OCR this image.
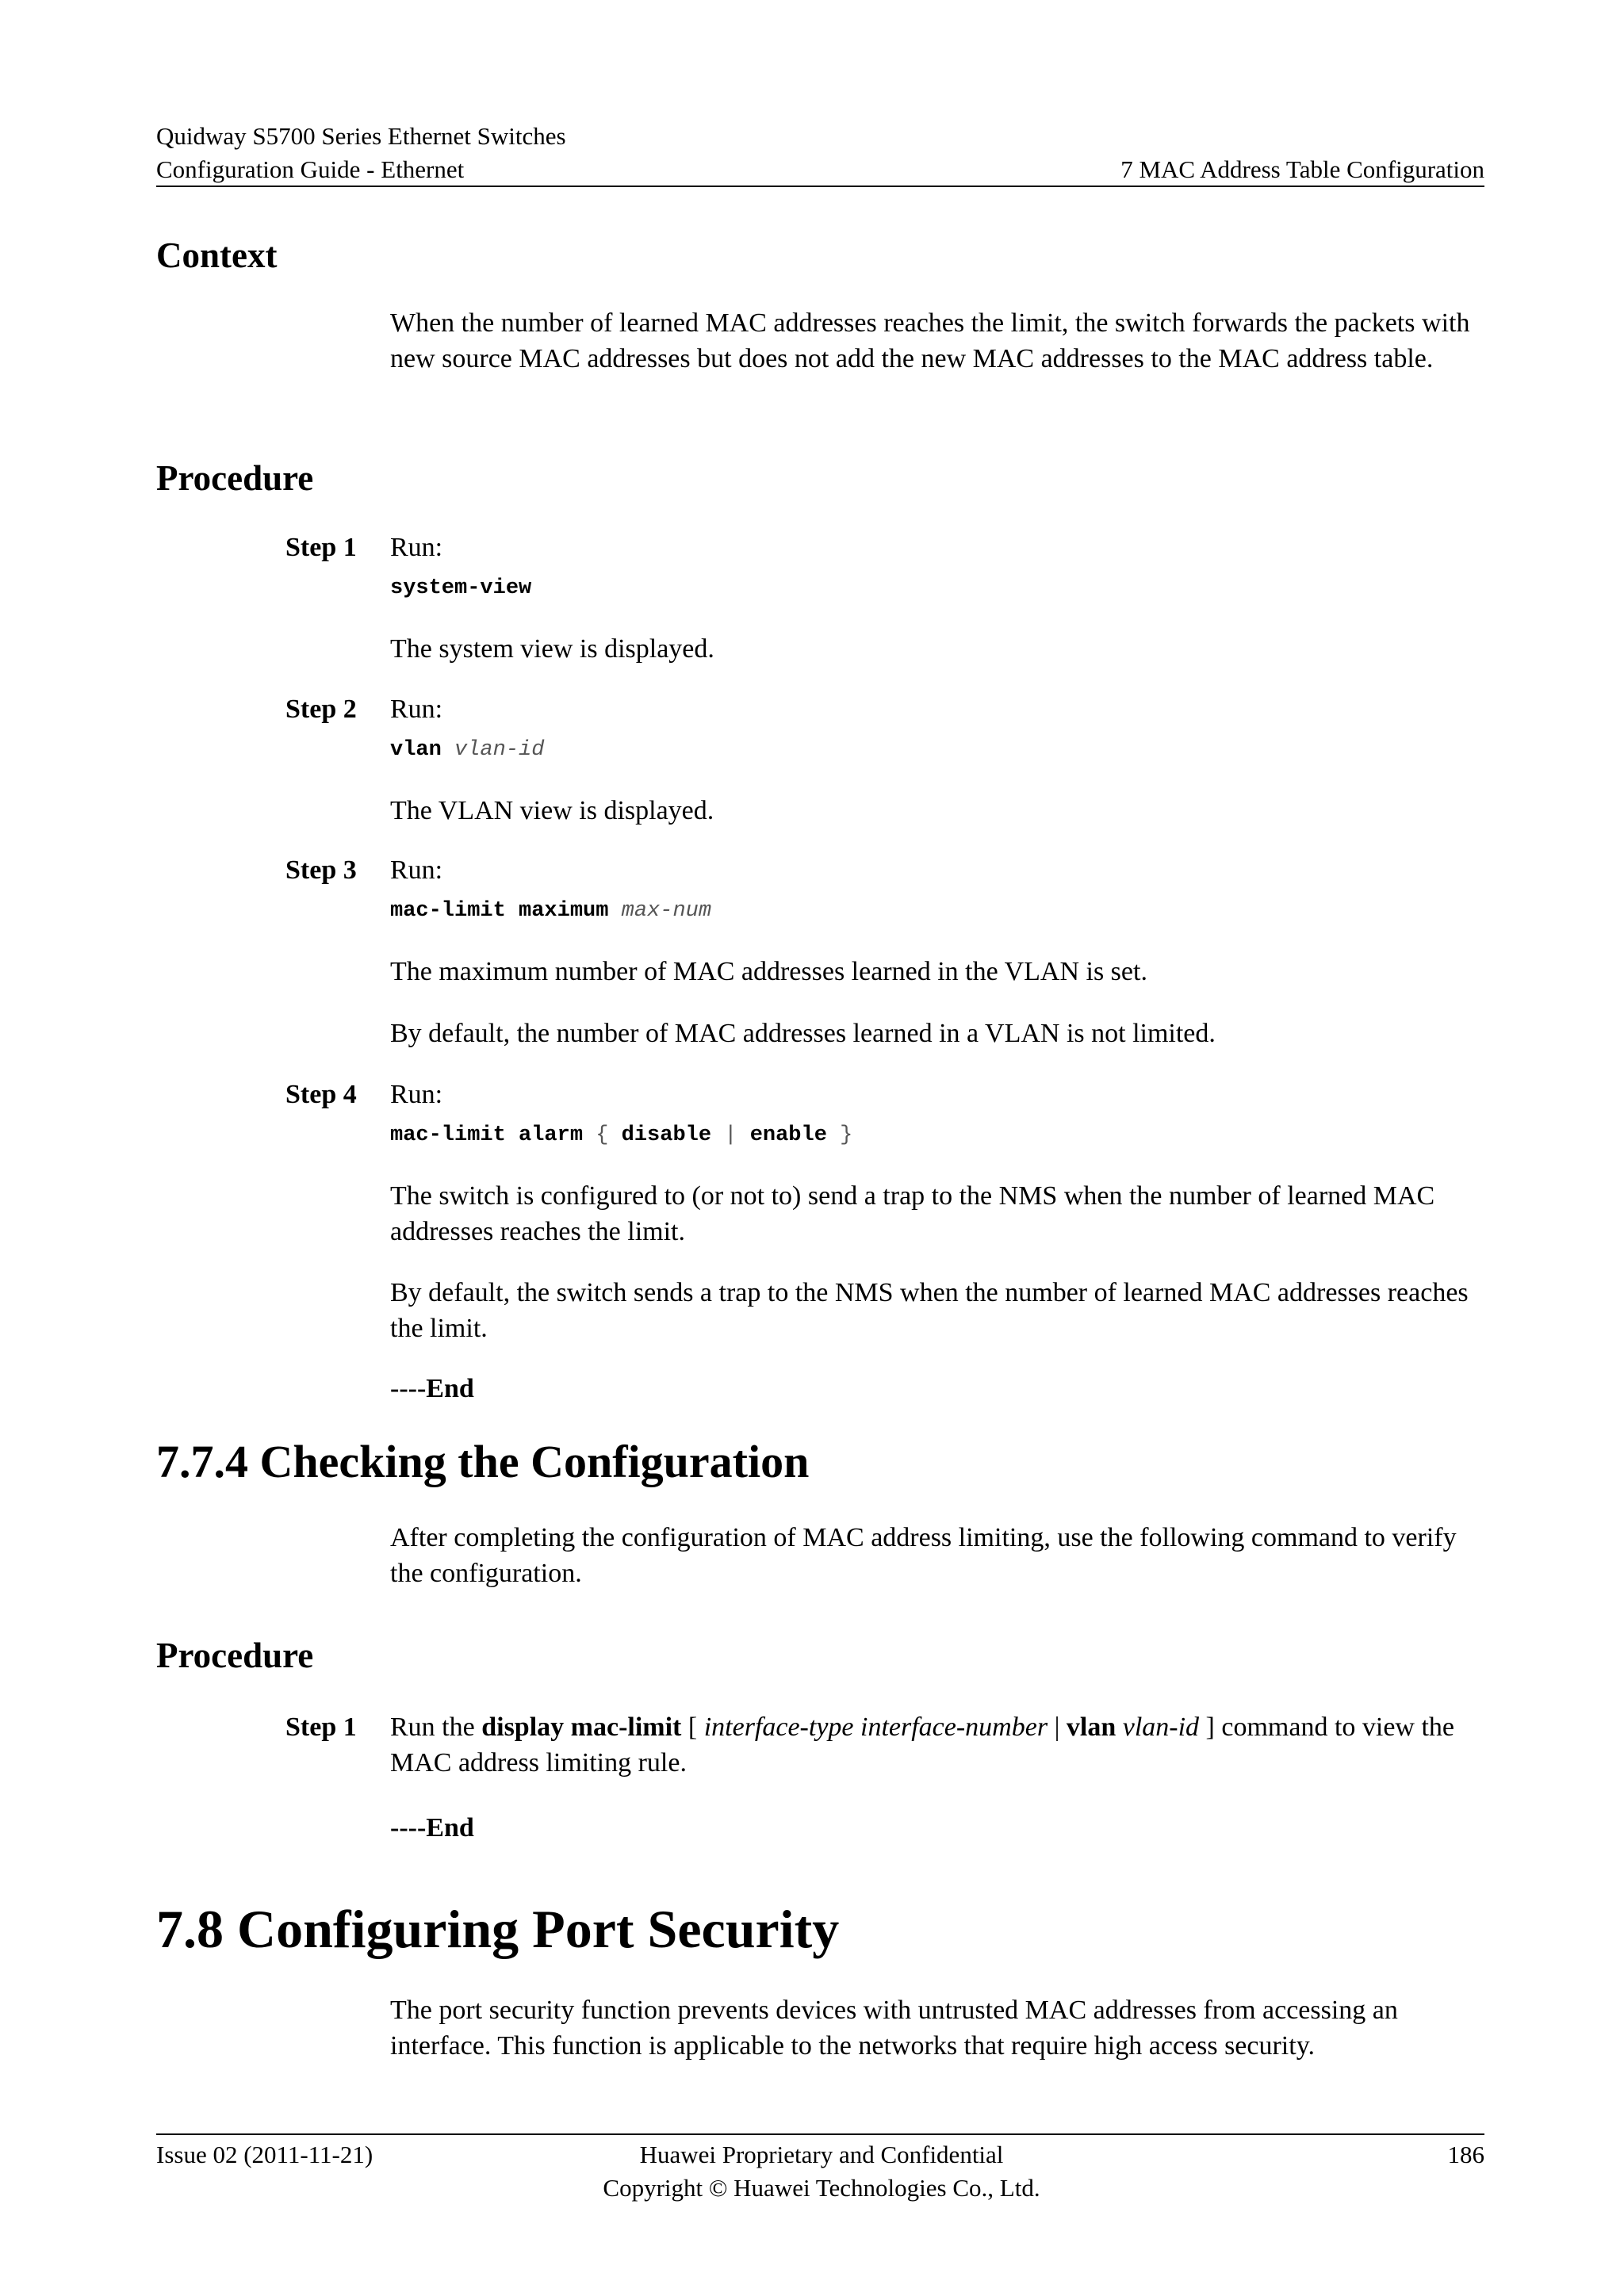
Quidway S5700 Series Ethernet Switches
Configuration Guide - Ethernet	7 MAC Address Table Configuration
Context
When the number of learned MAC addresses reaches the limit, the switch forwards the packets with new source MAC addresses but does not add the new MAC addresses to the MAC address table.
Procedure
Step 1	Run:
system-view
The system view is displayed.
Step 2	Run:
vlan vlan-id
The VLAN view is displayed.
Step 3	Run:
mac-limit maximum max-num
The maximum number of MAC addresses learned in the VLAN is set.
By default, the number of MAC addresses learned in a VLAN is not limited.
Step 4	Run:
mac-limit alarm { disable | enable }
The switch is configured to (or not to) send a trap to the NMS when the number of learned MAC addresses reaches the limit.
By default, the switch sends a trap to the NMS when the number of learned MAC addresses reaches the limit.
----End
7.7.4 Checking the Configuration
After completing the configuration of MAC address limiting, use the following command to verify the configuration.
Procedure
Step 1	Run the display mac-limit [ interface-type interface-number | vlan vlan-id ] command to view the MAC address limiting rule.
----End
7.8 Configuring Port Security
The port security function prevents devices with untrusted MAC addresses from accessing an interface. This function is applicable to the networks that require high access security.
Issue 02 (2011-11-21)	Huawei Proprietary and Confidential
Copyright © Huawei Technologies Co., Ltd.
186
